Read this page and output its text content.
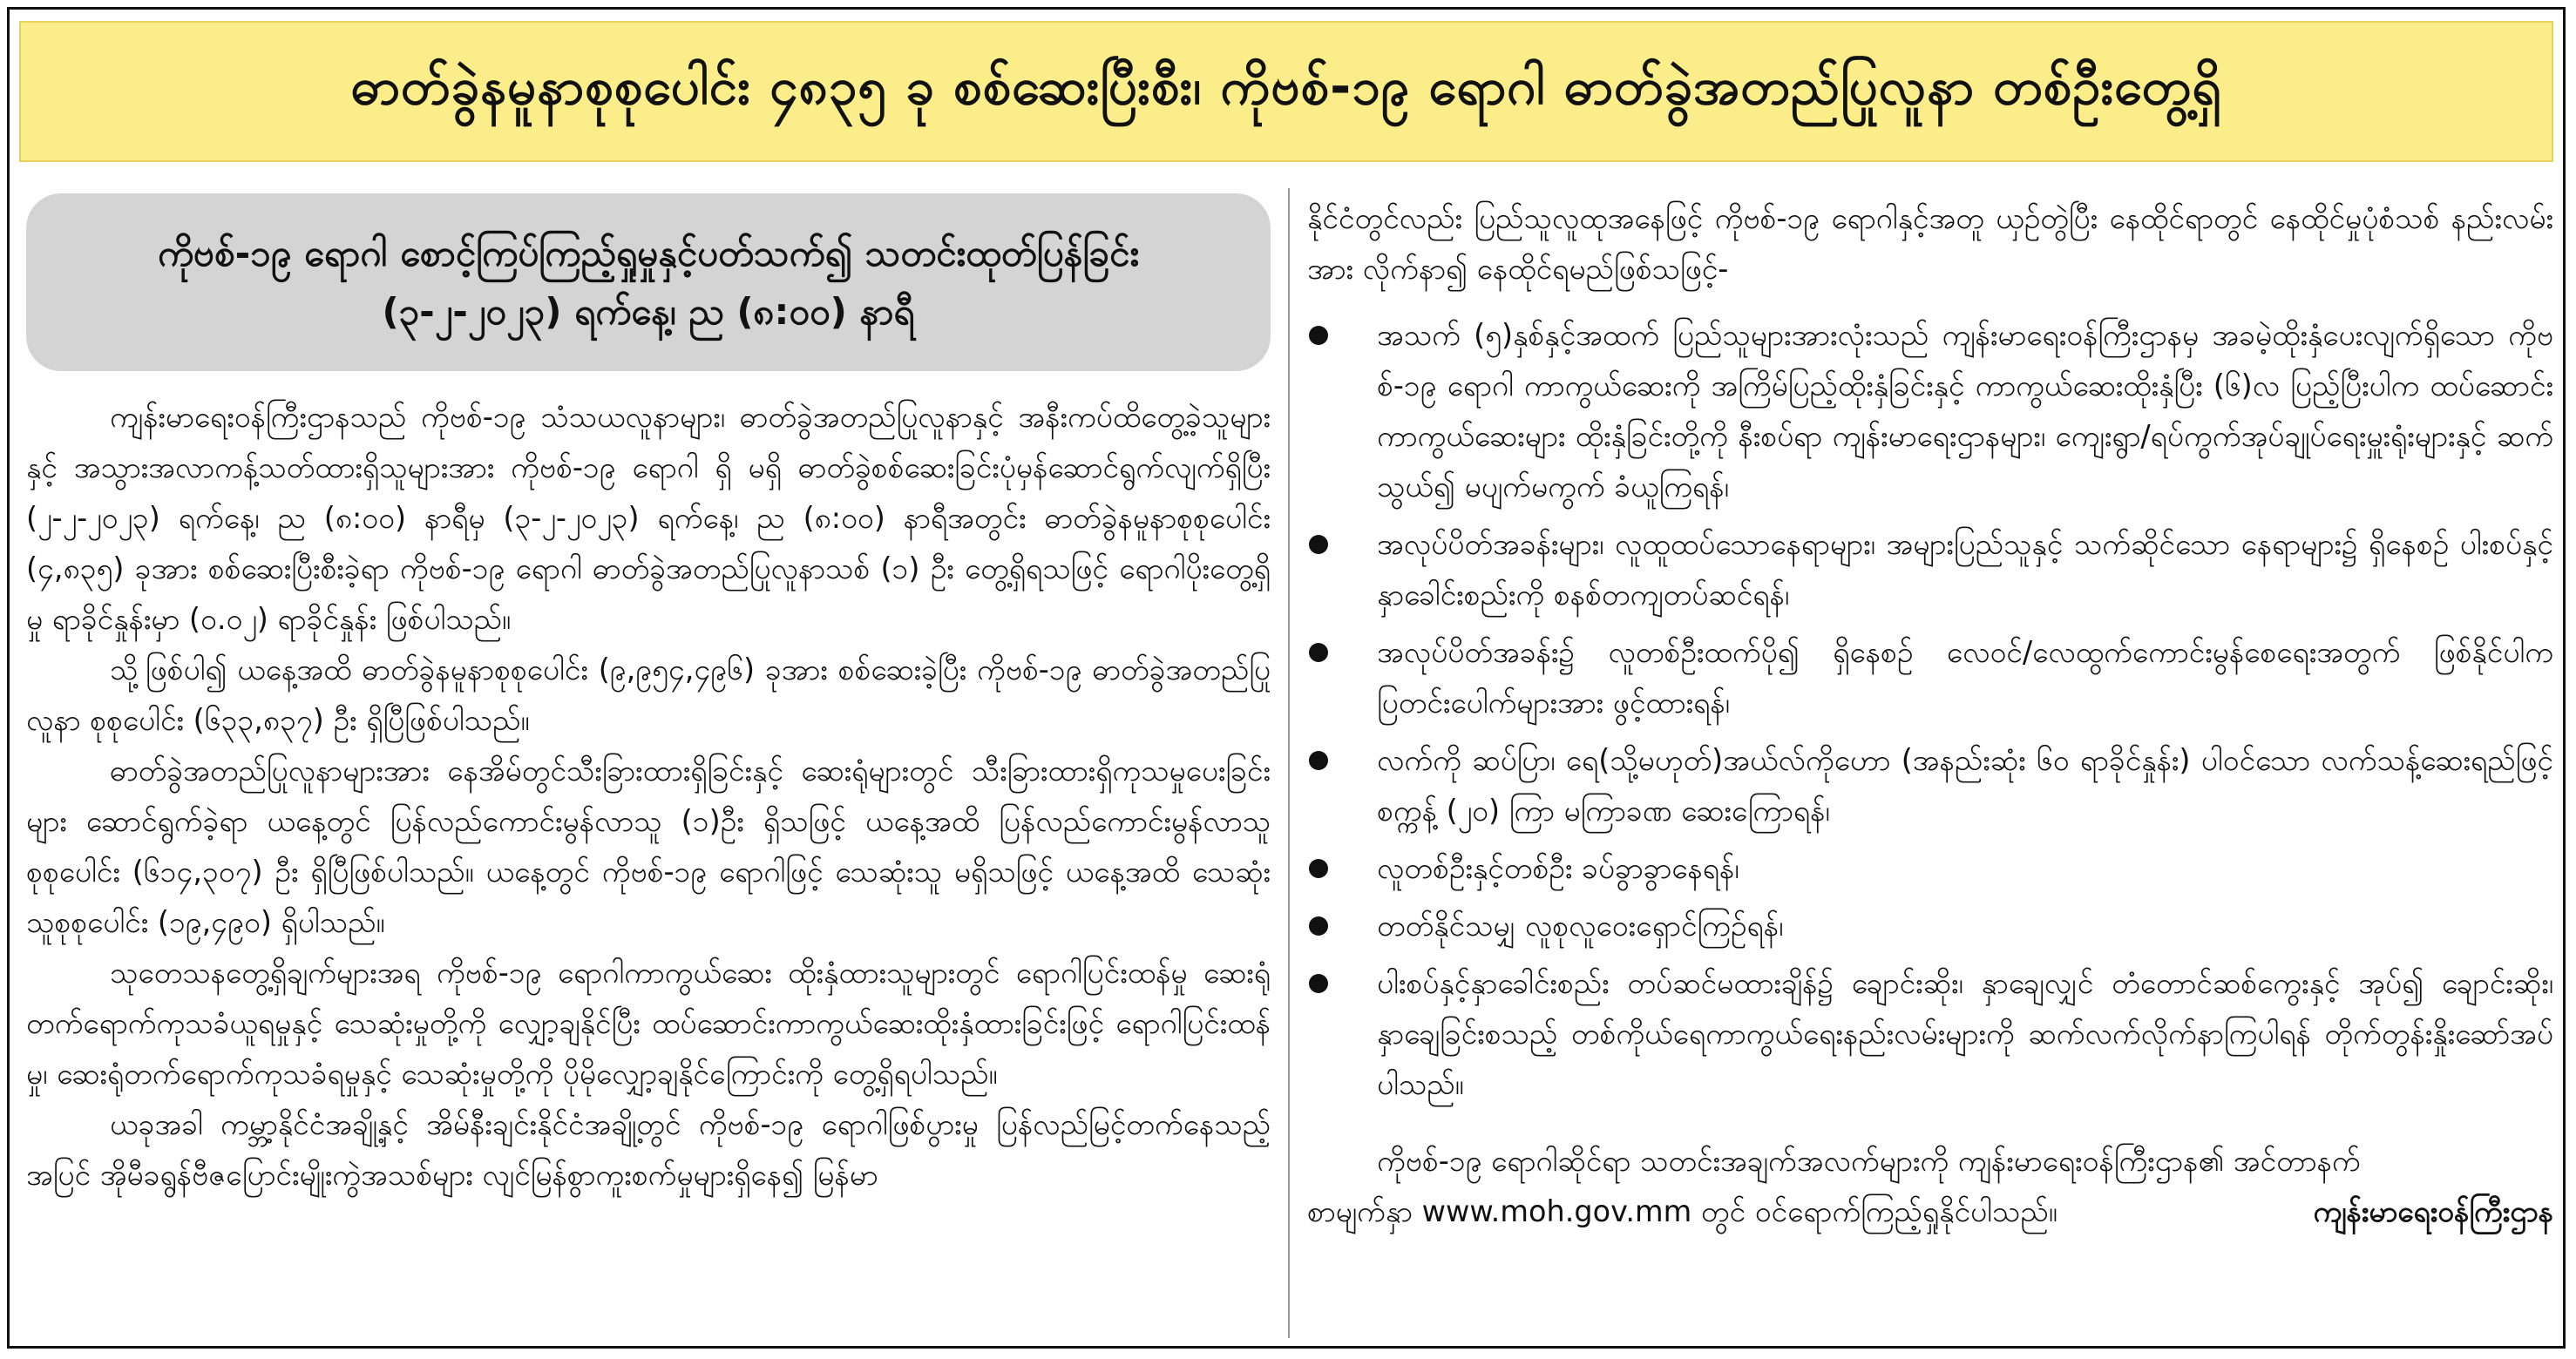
ဓာတ်ခွဲနမူနာစုစုပေါင်း ၄၈၃၅ ခု စစ်ဆေးပြီးစီး၊ ကိုဗစ်-၁၉ ရောဂါ ဓာတ်ခွဲအတည်ပြုလူနာ တစ်ဦးတွေ့ရှိ
ကိုဗစ်-၁၉ ရောဂါ စောင့်ကြပ်ကြည့်ရှုမှုနှင့်ပတ်သက်၍ သတင်းထုတ်ပြန်ခြင်း
(၃-၂-၂၀၂၃) ရက်နေ့၊ ည (၈:၀၀) နာရီ

ကျန်းမာရေးဝန်ကြီးဌာနသည် ကိုဗစ်-၁၉ သံသယလူနာများ၊ ဓာတ်ခွဲအတည်ပြုလူနာနှင့် အနီးကပ်ထိတွေ့ခဲ့သူများနှင့် အသွားအလာကန့်သတ်ထားရှိသူများအား ကိုဗစ်-၁၉ ရောဂါ ရှိ မရှိ ဓာတ်ခွဲစစ်ဆေးခြင်းပုံမှန်ဆောင်ရွက်လျက်ရှိပြီး (၂-၂-၂၀၂၃) ရက်နေ့၊ ည (၈:၀၀) နာရီမှ (၃-၂-၂၀၂၃) ရက်နေ့၊ ည (၈:၀၀) နာရီအတွင်း ဓာတ်ခွဲနမူနာစုစုပေါင်း (၄,၈၃၅) ခုအား စစ်ဆေးပြီးစီးခဲ့ရာ ကိုဗစ်-၁၉ ရောဂါ ဓာတ်ခွဲအတည်ပြုလူနာသစ် (၁) ဦး တွေ့ရှိရသဖြင့် ရောဂါပိုးတွေ့ရှိမှု ရာခိုင်နှုန်းမှာ (၀.၀၂) ရာခိုင်နှုန်း ဖြစ်ပါသည်။

သို့ဖြစ်ပါ၍ ယနေ့အထိ ဓာတ်ခွဲနမူနာစုစုပေါင်း (၉,၉၅၄,၄၉၆) ခုအား စစ်ဆေးခဲ့ပြီး ကိုဗစ်-၁၉ ဓာတ်ခွဲအတည်ပြုလူနာ စုစုပေါင်း (၆၃၃,၈၃၇) ဦး ရှိပြီဖြစ်ပါသည်။

ဓာတ်ခွဲအတည်ပြုလူနာများအား နေအိမ်တွင်သီးခြားထားရှိခြင်းနှင့် ဆေးရုံများတွင် သီးခြားထားရှိကုသမှုပေးခြင်းများ ဆောင်ရွက်ခဲ့ရာ ယနေ့တွင် ပြန်လည်ကောင်းမွန်လာသူ (၁)ဦး ရှိသဖြင့် ယနေ့အထိ ပြန်လည်ကောင်းမွန်လာသူ စုစုပေါင်း (၆၁၄,၃၀၇) ဦး ရှိပြီဖြစ်ပါသည်။ ယနေ့တွင် ကိုဗစ်-၁၉ ရောဂါဖြင့် သေဆုံးသူ မရှိသဖြင့် ယနေ့အထိ သေဆုံးသူစုစုပေါင်း (၁၉,၄၉၀) ရှိပါသည်။

သုတေသနတွေ့ရှိချက်များအရ ကိုဗစ်-၁၉ ရောဂါကာကွယ်ဆေး ထိုးနှံထားသူများတွင် ရောဂါပြင်းထန်မှု ဆေးရုံတက်ရောက်ကုသခံယူရမှုနှင့် သေဆုံးမှုတို့ကို လျှော့ချနိုင်ပြီး ထပ်ဆောင်းကာကွယ်ဆေးထိုးနှံထားခြင်းဖြင့် ရောဂါပြင်းထန်မှု၊ ဆေးရုံတက်ရောက်ကုသခံရမှုနှင့် သေဆုံးမှုတို့ကို ပိုမိုလျှော့ချနိုင်ကြောင်းကို တွေ့ရှိရပါသည်။

ယခုအခါ ကမ္ဘာ့နိုင်ငံအချို့နှင့် အိမ်နီးချင်းနိုင်ငံအချို့တွင် ကိုဗစ်-၁၉ ရောဂါဖြစ်ပွားမှု ပြန်လည်မြင့်တက်နေသည့်အပြင် အိုမီခရွန်ဗီဇပြောင်းမျိုးကွဲအသစ်များ လျင်မြန်စွာကူးစက်မှုများရှိနေ၍ မြန်မာ

နိုင်ငံတွင်လည်း ပြည်သူလူထုအနေဖြင့် ကိုဗစ်-၁၉ ရောဂါနှင့်အတူ ယှဉ်တွဲပြီး နေထိုင်ရာတွင် နေထိုင်မှုပုံစံသစ် နည်းလမ်းအား လိုက်နာ၍ နေထိုင်ရမည်ဖြစ်သဖြင့်-

အသက် (၅)နှစ်နှင့်အထက် ပြည်သူများအားလုံးသည် ကျန်းမာရေးဝန်ကြီးဌာနမှ အခမဲ့ထိုးနှံပေးလျက်ရှိသော ကိုဗစ်-၁၉ ရောဂါ ကာကွယ်ဆေးကို အကြိမ်ပြည့်ထိုးနှံခြင်းနှင့် ကာကွယ်ဆေးထိုးနှံပြီး (၆)လ ပြည့်ပြီးပါက ထပ်ဆောင်းကာကွယ်ဆေးများ ထိုးနှံခြင်းတို့ကို နီးစပ်ရာ ကျန်းမာရေးဌာနများ၊ ကျေးရွာ/ရပ်ကွက်အုပ်ချုပ်ရေးမှူးရုံးများနှင့် ဆက်သွယ်၍ မပျက်မကွက် ခံယူကြရန်၊
အလုပ်ပိတ်အခန်းများ၊ လူထူထပ်သောနေရာများ၊ အများပြည်သူနှင့် သက်ဆိုင်သော နေရာများ၌ ရှိနေစဉ် ပါးစပ်နှင့် နှာခေါင်းစည်းကို စနစ်တကျတပ်ဆင်ရန်၊
အလုပ်ပိတ်အခန်း၌ လူတစ်ဦးထက်ပို၍ ရှိနေစဉ် လေဝင်/လေထွက်ကောင်းမွန်စေရေးအတွက် ဖြစ်နိုင်ပါက ပြတင်းပေါက်များအား ဖွင့်ထားရန်၊
လက်ကို ဆပ်ပြာ၊ ရေ(သို့မဟုတ်)အယ်လ်ကိုဟော (အနည်းဆုံး ၆၀ ရာခိုင်နှုန်း) ပါဝင်သော လက်သန့်ဆေးရည်ဖြင့် စက္ကန့် (၂၀) ကြာ မကြာခဏ ဆေးကြောရန်၊
လူတစ်ဦးနှင့်တစ်ဦး ခပ်ခွာခွာနေရန်၊
တတ်နိုင်သမျှ လူစုလူဝေးရှောင်ကြဉ်ရန်၊
ပါးစပ်နှင့်နှာခေါင်းစည်း တပ်ဆင်မထားချိန်၌ ချောင်းဆိုး၊ နှာချေလျှင် တံတောင်ဆစ်ကွေးနှင့် အုပ်၍ ချောင်းဆိုး၊ နှာချေခြင်းစသည့် တစ်ကိုယ်ရေကာကွယ်ရေးနည်းလမ်းများကို ဆက်လက်လိုက်နာကြပါရန် တိုက်တွန်းနှိုးဆော်အပ်ပါသည်။

ကိုဗစ်-၁၉ ရောဂါဆိုင်ရာ သတင်းအချက်အလက်များကို ကျန်းမာရေးဝန်ကြီးဌာန၏ အင်တာနက်

စာမျက်နှာ www.moh.gov.mm တွင် ဝင်ရောက်ကြည့်ရှုနိုင်ပါသည်။	ကျန်းမာရေးဝန်ကြီးဌာန
